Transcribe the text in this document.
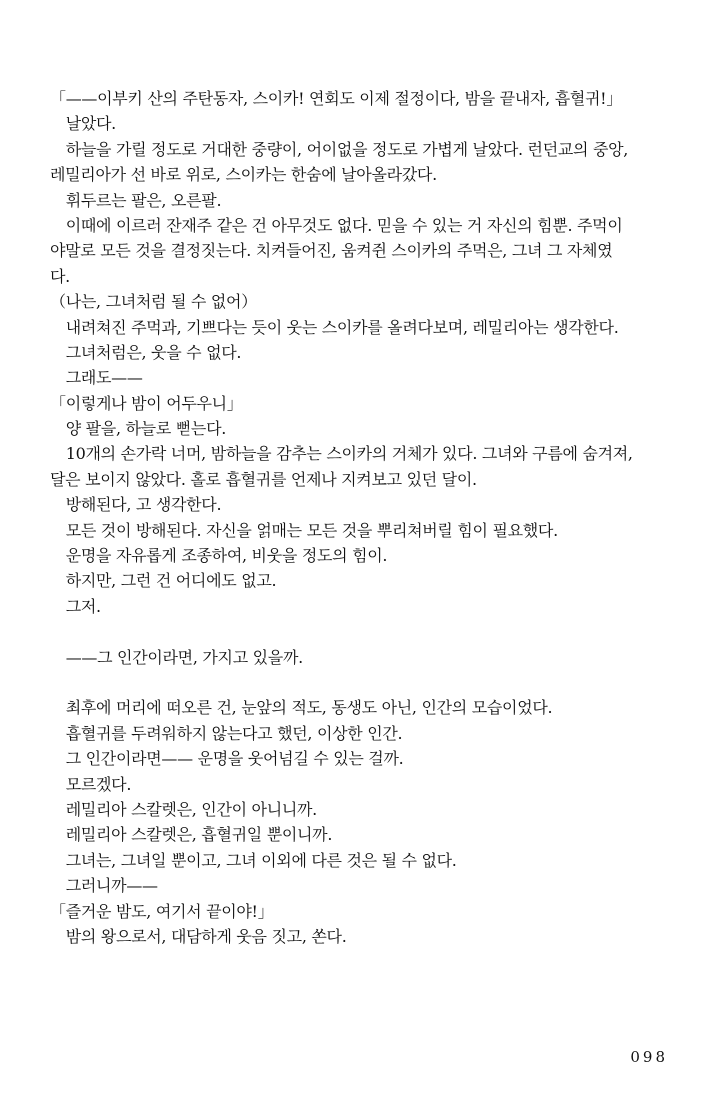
「——이부키 산의 주탄동자, 스이카! 연회도 이제 절정이다, 밤을 끝내자, 흡혈귀!」
　날았다.
　하늘을 가릴 정도로 거대한 중량이, 어이없을 정도로 가볍게 날았다. 런던교의 중앙,
레밀리아가 선 바로 위로, 스이카는 한숨에 날아올라갔다.
　휘두르는 팔은, 오른팔.
　이때에 이르러 잔재주 같은 건 아무것도 없다. 믿을 수 있는 거 자신의 힘뿐. 주먹이
야말로 모든 것을 결정짓는다. 치켜들어진, 움켜쥔 스이카의 주먹은, 그녀 그 자체였
다.
（나는, 그녀처럼 될 수 없어）
　내려쳐진 주먹과, 기쁘다는 듯이 웃는 스이카를 올려다보며, 레밀리아는 생각한다.
　그녀처럼은, 웃을 수 없다.
　그래도——
「이렇게나 밤이 어두우니」
　양 팔을, 하늘로 뻗는다.
　10개의 손가락 너머, 밤하늘을 감추는 스이카의 거체가 있다. 그녀와 구름에 숨겨져,
달은 보이지 않았다. 홀로 흡혈귀를 언제나 지켜보고 있던 달이.
　방해된다, 고 생각한다.
　모든 것이 방해된다. 자신을 얽매는 모든 것을 뿌리쳐버릴 힘이 필요했다.
　운명을 자유롭게 조종하여, 비웃을 정도의 힘이.
　하지만, 그런 건 어디에도 없고.
　그저.
　——그 인간이라면, 가지고 있을까.
　최후에 머리에 떠오른 건, 눈앞의 적도, 동생도 아닌, 인간의 모습이었다.
　흡혈귀를 두려워하지 않는다고 했던, 이상한 인간.
　그 인간이라면—— 운명을 웃어넘길 수 있는 걸까.
　모르겠다.
　레밀리아 스칼렛은, 인간이 아니니까.
　레밀리아 스칼렛은, 흡혈귀일 뿐이니까.
　그녀는, 그녀일 뿐이고, 그녀 이외에 다른 것은 될 수 없다.
　그러니까——
「즐거운 밤도, 여기서 끝이야!」
　밤의 왕으로서, 대담하게 웃음 짓고, 쏜다.
098
